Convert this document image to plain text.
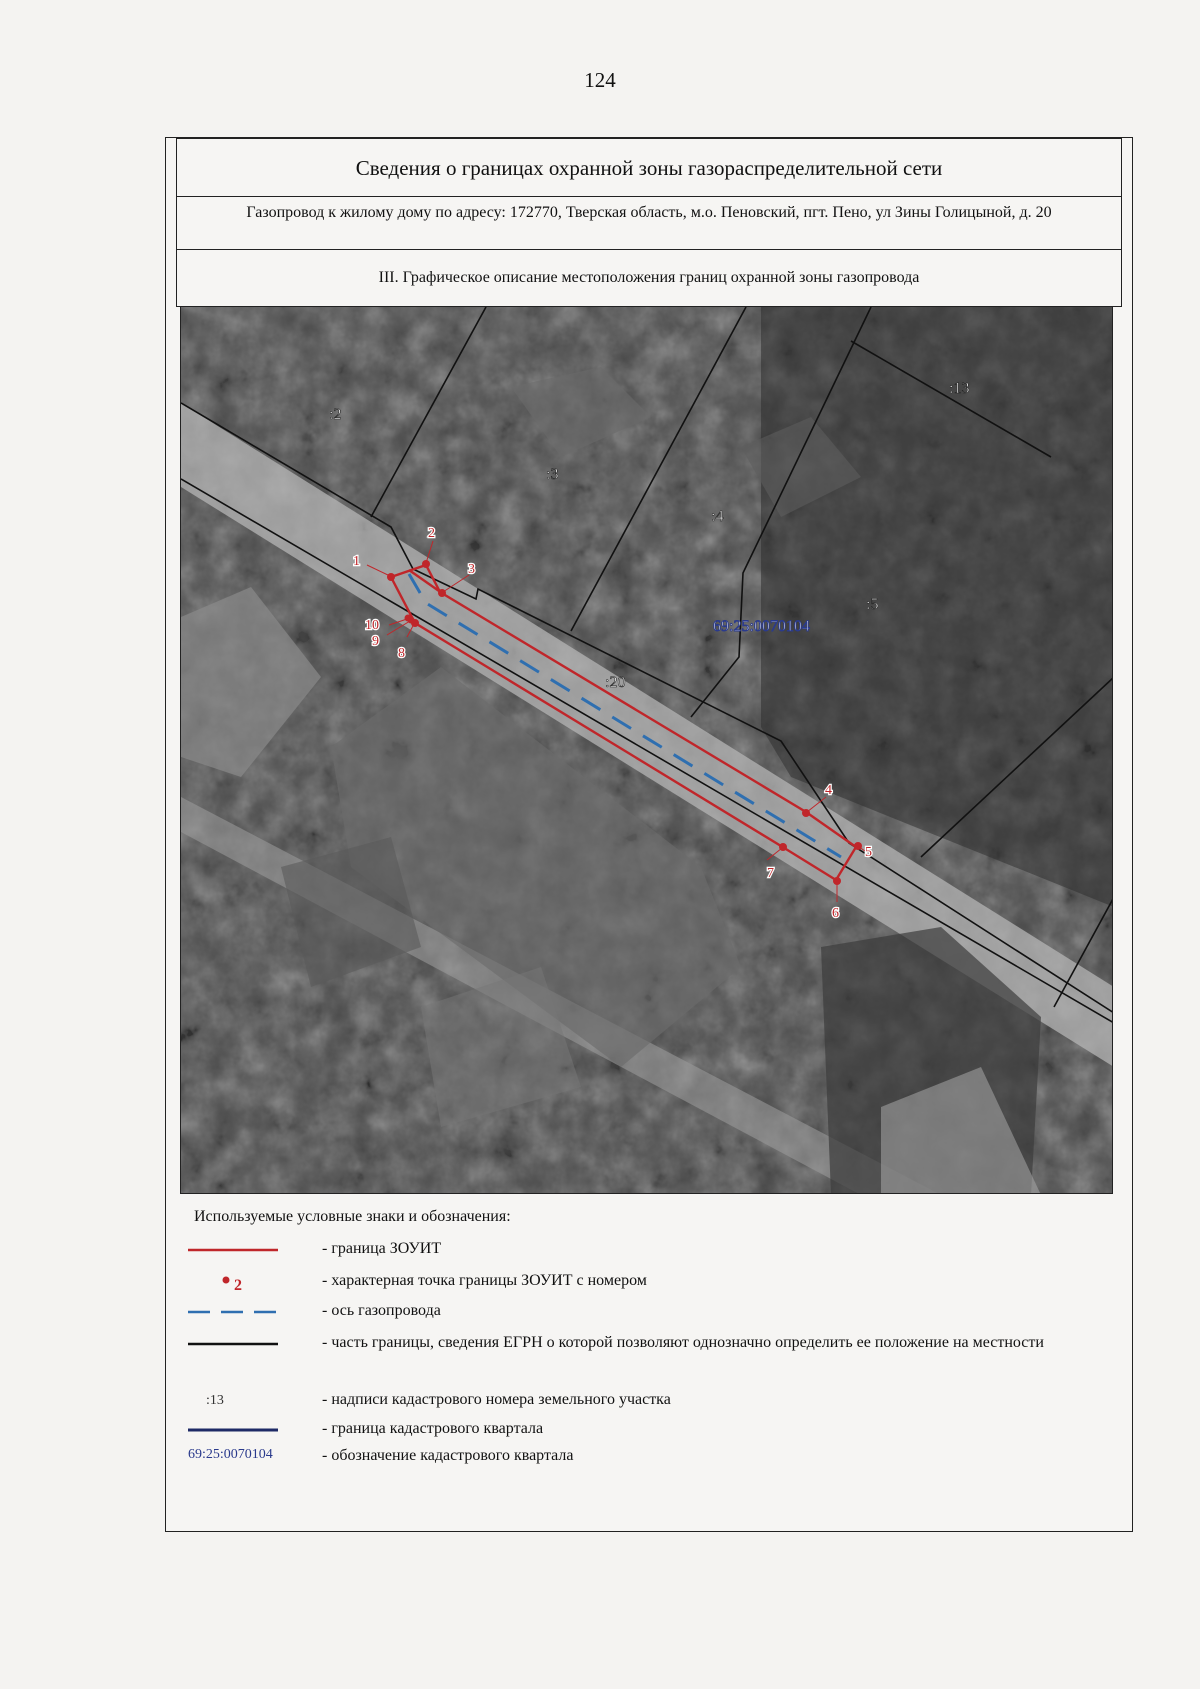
124
Сведения о границах охранной зоны газораспределительной сети
Газопровод к жилому дому по адресу: 172770, Тверская область, м.о. Пеновский, пгт. Пено, ул Зины Голицыной, д. 20
III. Графическое описание местоположения границ охранной зоны газопровода
1
2
3
4
5
6
7
8
9
10
:2
:3
:4
:5
:13
:20
69:25:0070104
Используемые условные знаки и обозначения:
- граница ЗОУИТ
2	- характерная точка границы ЗОУИТ с номером
- ось газопровода
- часть границы, сведения ЕГРН о которой позволяют однозначно определить ее положение на местности
:13	- надписи кадастрового номера земельного участка
- граница кадастрового квартала
69:25:0070104	- обозначение кадастрового квартала
